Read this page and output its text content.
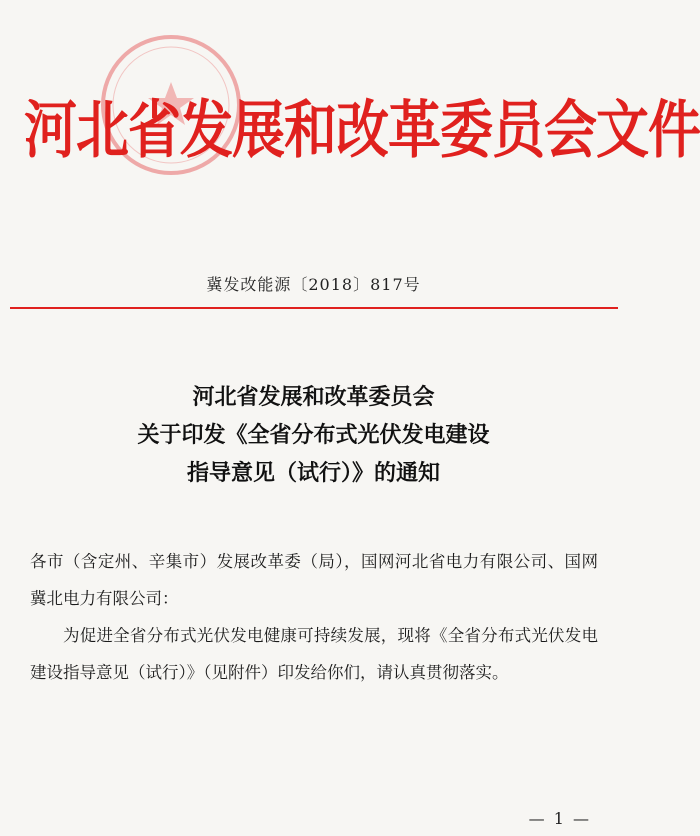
河北省发展和改革委员会文件
冀发改能源〔2018〕817号
河北省发展和改革委员会
关于印发《全省分布式光伏发电建设
指导意见（试行）》的通知
各市（含定州、辛集市）发展改革委（局），国网河北省电力有限公司、国网冀北电力有限公司：
为促进全省分布式光伏发电健康可持续发展，现将《全省分布式光伏发电建设指导意见（试行）》（见附件）印发给你们，请认真贯彻落实。
— 1 —
